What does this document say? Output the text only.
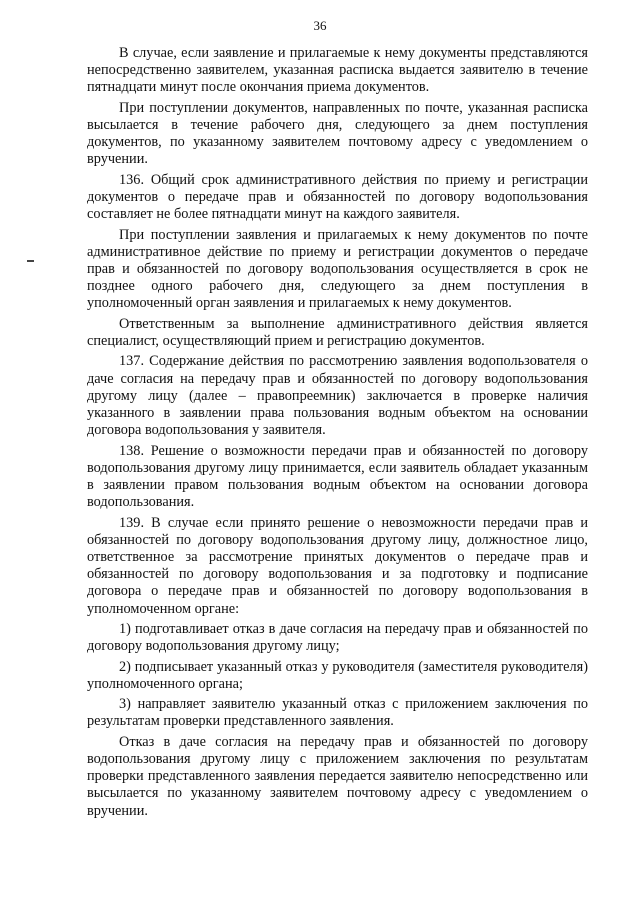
36

В случае, если заявление и прилагаемые к нему документы представляются непосредственно заявителем, указанная расписка выдается заявителю в течение пятнадцати минут после окончания приема документов.

При поступлении документов, направленных по почте, указанная расписка высылается в течение рабочего дня, следующего за днем поступления документов, по указанному заявителем почтовому адресу с уведомлением о вручении.

136. Общий срок административного действия по приему и регистрации документов о передаче прав и обязанностей по договору водопользования составляет не более пятнадцати минут на каждого заявителя.

При поступлении заявления и прилагаемых к нему документов по почте административное действие по приему и регистрации документов о передаче прав и обязанностей по договору водопользования осуществляется в срок не позднее одного рабочего дня, следующего за днем поступления в уполномоченный орган заявления и прилагаемых к нему документов.

Ответственным за выполнение административного действия является специалист, осуществляющий прием и регистрацию документов.

137. Содержание действия по рассмотрению заявления водопользователя о даче согласия на передачу прав и обязанностей по договору водопользования другому лицу (далее – правопреемник) заключается в проверке наличия указанного в заявлении права пользования водным объектом на основании договора водопользования у заявителя.

138. Решение о возможности передачи прав и обязанностей по договору водопользования другому лицу принимается, если заявитель обладает указанным в заявлении правом пользования водным объектом на основании договора водопользования.

139. В случае если принято решение о невозможности передачи прав и обязанностей по договору водопользования другому лицу, должностное лицо, ответственное за рассмотрение принятых документов о передаче прав и обязанностей по договору водопользования и за подготовку и подписание договора о передаче прав и обязанностей по договору водопользования в уполномоченном органе:

1) подготавливает отказ в даче согласия на передачу прав и обязанностей по договору водопользования другому лицу;

2) подписывает указанный отказ у руководителя (заместителя руководителя) уполномоченного органа;

3) направляет заявителю указанный отказ с приложением заключения по результатам проверки представленного заявления.

Отказ в даче согласия на передачу прав и обязанностей по договору водопользования другому лицу с приложением заключения по результатам проверки представленного заявления передается заявителю непосредственно или высылается по указанному заявителем почтовому адресу с уведомлением о вручении.
